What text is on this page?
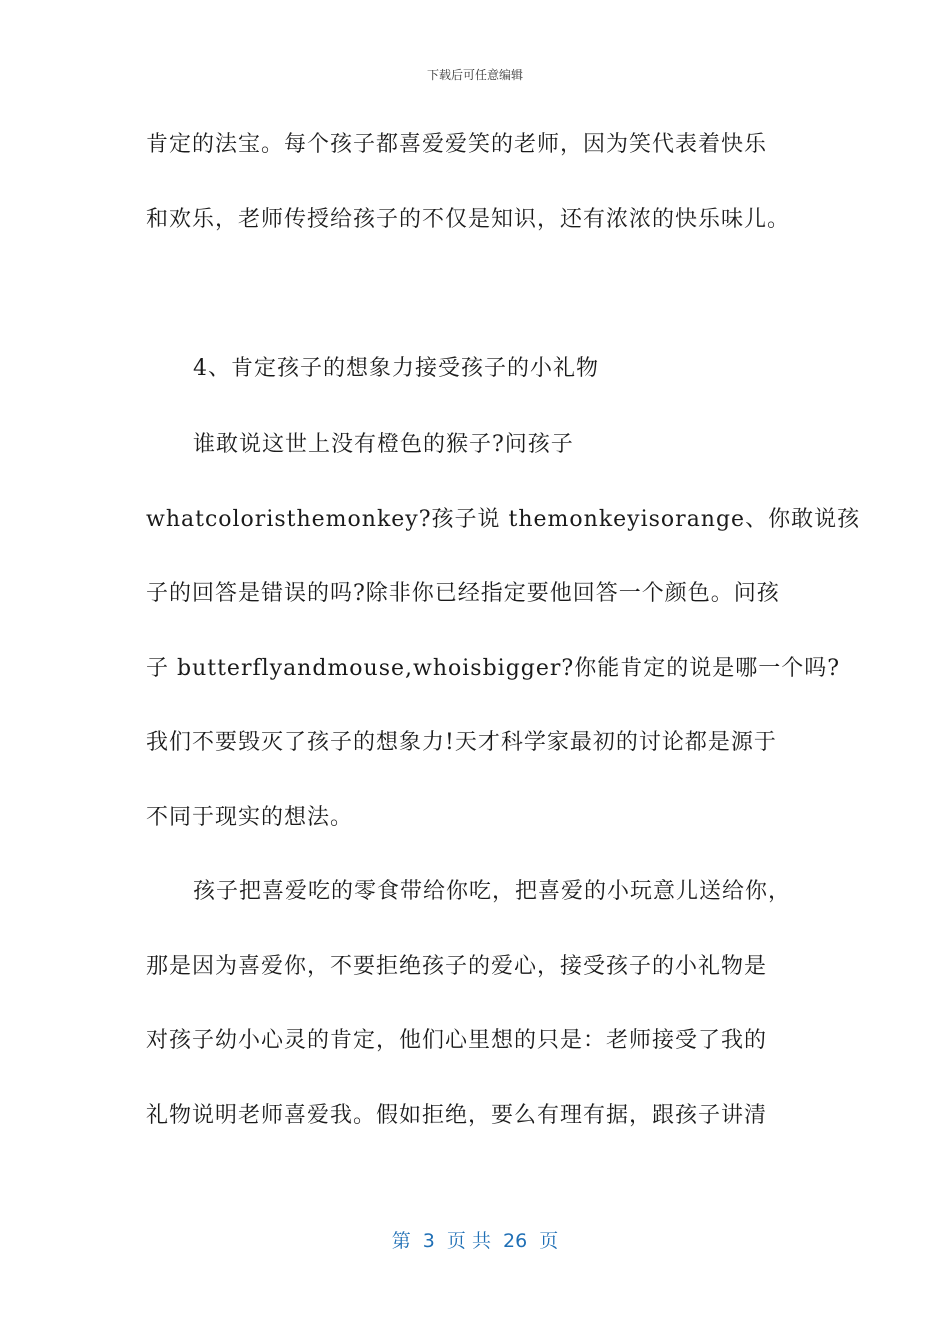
下载后可任意编辑
肯定的法宝。每个孩子都喜爱爱笑的老师，因为笑代表着快乐
和欢乐，老师传授给孩子的不仅是知识，还有浓浓的快乐味儿。
4、肯定孩子的想象力接受孩子的小礼物
谁敢说这世上没有橙色的猴子?问孩子
whatcoloristhemonkey?孩子说 themonkeyisorange、你敢说孩
子的回答是错误的吗?除非你已经指定要他回答一个颜色。问孩
子 butterflyandmouse,whoisbigger?你能肯定的说是哪一个吗?
我们不要毁灭了孩子的想象力!天才科学家最初的讨论都是源于
不同于现实的想法。
孩子把喜爱吃的零食带给你吃，把喜爱的小玩意儿送给你，
那是因为喜爱你，不要拒绝孩子的爱心，接受孩子的小礼物是
对孩子幼小心灵的肯定，他们心里想的只是：老师接受了我的
礼物说明老师喜爱我。假如拒绝，要么有理有据，跟孩子讲清
第  3  页 共  26  页
